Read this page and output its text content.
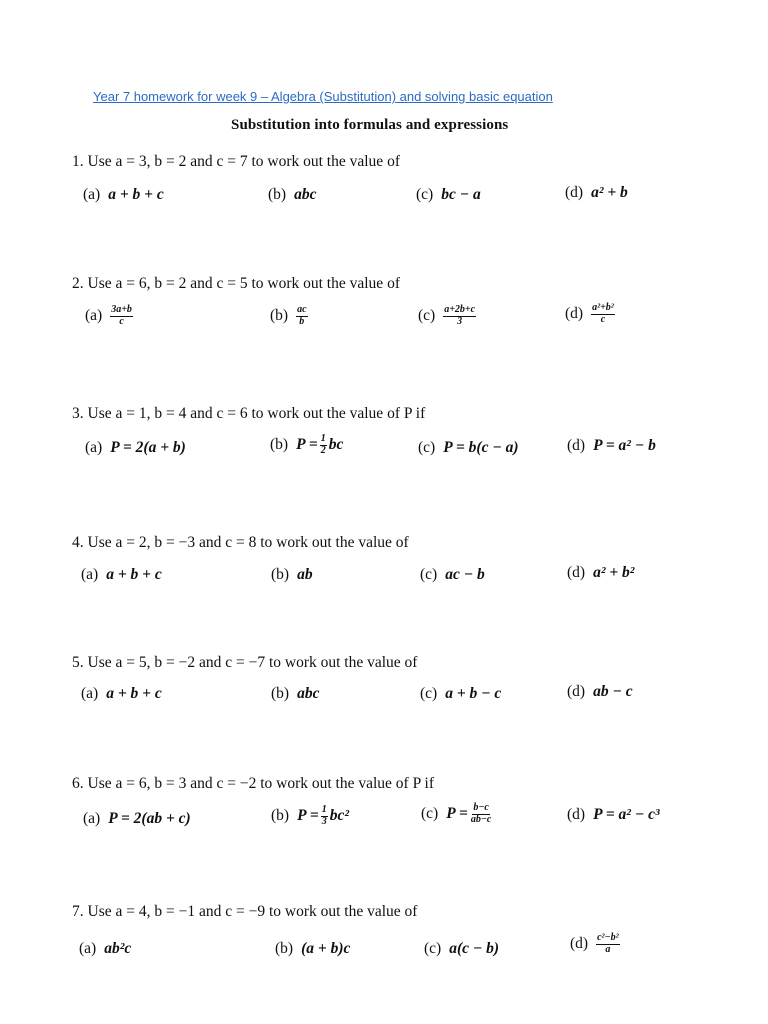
Year 7 homework for week 9 – Algebra (Substitution) and solving basic equation
Substitution into formulas and expressions
1. Use a = 3, b = 2 and c = 7 to work out the value of
(a) a + b + c	(b) abc	(c) bc − a	(d) a² + b
2. Use a = 6, b = 2 and c = 5 to work out the value of
$(a) \frac{3a+b}{c}$	$(b) \frac{ac}{b}$	$(c) \frac{a+2b+c}{3}$	$(d) \frac{\text{a²+b²}}{c}$
3. Use a = 1, b = 4 and c = 6 to work out the value of P if
(a) P = 2(a + b)	(b) $P = \frac{1}{2}$ bc	(c) P = b(c − a)	(d) P = a² − b
4. Use a = 2, b = −3 and c = 8 to work out the value of
(a) a + b + c	(b) ab	(c) ac − b	(d) a² + b²
5. Use a = 5, b = −2 and c = −7 to work out the value of
(a) a + b + c	(b) abc	(c) a + b − c	(d) ab − c
6. Use a = 6, b = 3 and c = −2 to work out the value of P if
(a) P = 2(ab + c)	(b) $P = \frac{1}{3} bc^2$	(c) $P = \frac{b-c}{ab-c}$	(d) P = a² − c³
7. Use a = 4, b = −1 and c = −9 to work out the value of
(a) ab²c	(b) (a + b)c	(c) a(c − b)	$(d) \frac{\text{c²−b²}}{a}$
